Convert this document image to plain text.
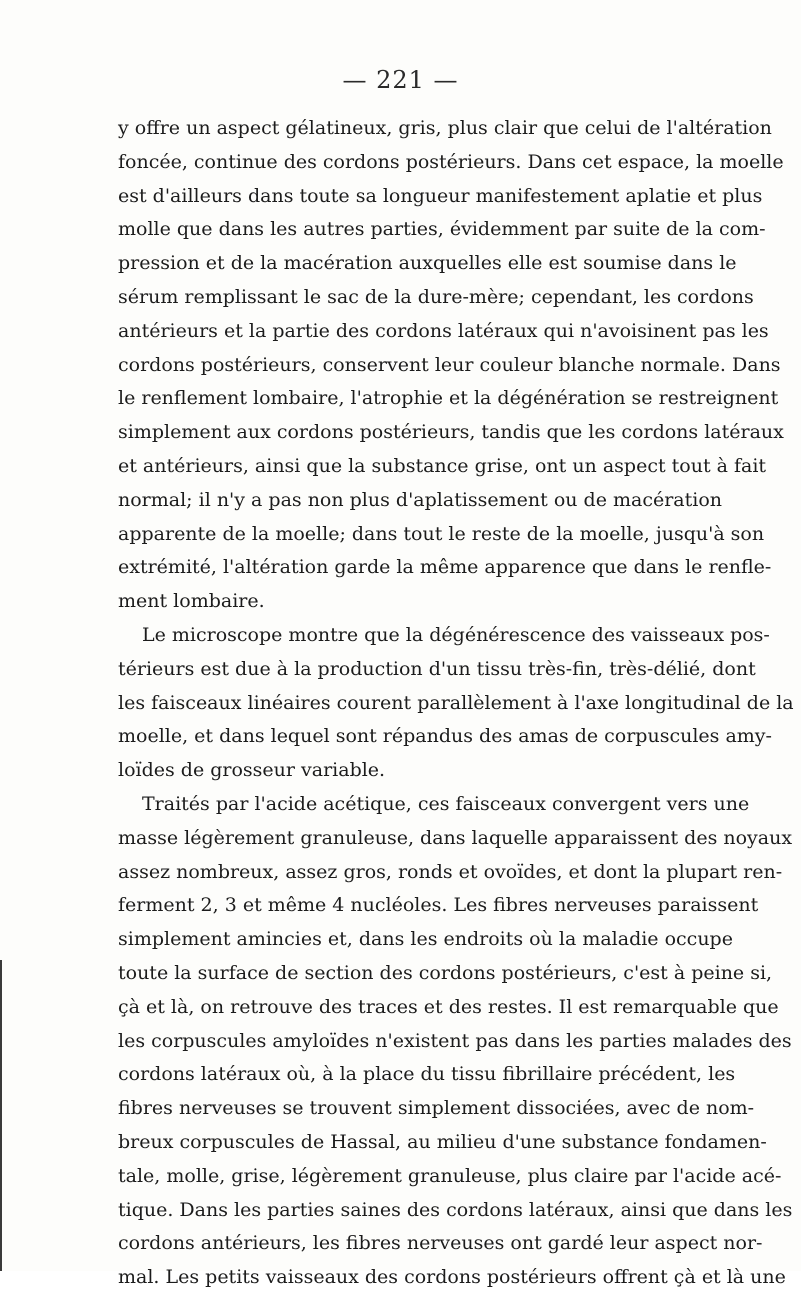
— 221 —
y offre un aspect gélatineux, gris, plus clair que celui de l'altération
foncée, continue des cordons postérieurs. Dans cet espace, la moelle
est d'ailleurs dans toute sa longueur manifestement aplatie et plus
molle que dans les autres parties, évidemment par suite de la com-
pression et de la macération auxquelles elle est soumise dans le
sérum remplissant le sac de la dure-mère; cependant, les cordons
antérieurs et la partie des cordons latéraux qui n'avoisinent pas les
cordons postérieurs, conservent leur couleur blanche normale. Dans
le renflement lombaire, l'atrophie et la dégénération se restreignent
simplement aux cordons postérieurs, tandis que les cordons latéraux
et antérieurs, ainsi que la substance grise, ont un aspect tout à fait
normal; il n'y a pas non plus d'aplatissement ou de macération
apparente de la moelle; dans tout le reste de la moelle, jusqu'à son
extrémité, l'altération garde la même apparence que dans le renfle-
ment lombaire.
Le microscope montre que la dégénérescence des vaisseaux pos-
térieurs est due à la production d'un tissu très-fin, très-délié, dont
les faisceaux linéaires courent parallèlement à l'axe longitudinal de la
moelle, et dans lequel sont répandus des amas de corpuscules amy-
loïdes de grosseur variable.
Traités par l'acide acétique, ces faisceaux convergent vers une
masse légèrement granuleuse, dans laquelle apparaissent des noyaux
assez nombreux, assez gros, ronds et ovoïdes, et dont la plupart ren-
ferment 2, 3 et même 4 nucléoles. Les fibres nerveuses paraissent
simplement amincies et, dans les endroits où la maladie occupe
toute la surface de section des cordons postérieurs, c'est à peine si,
çà et là, on retrouve des traces et des restes. Il est remarquable que
les corpuscules amyloïdes n'existent pas dans les parties malades des
cordons latéraux où, à la place du tissu fibrillaire précédent, les
fibres nerveuses se trouvent simplement dissociées, avec de nom-
breux corpuscules de Hassal, au milieu d'une substance fondamen-
tale, molle, grise, légèrement granuleuse, plus claire par l'acide acé-
tique. Dans les parties saines des cordons latéraux, ainsi que dans les
cordons antérieurs, les fibres nerveuses ont gardé leur aspect nor-
mal. Les petits vaisseaux des cordons postérieurs offrent çà et là une
